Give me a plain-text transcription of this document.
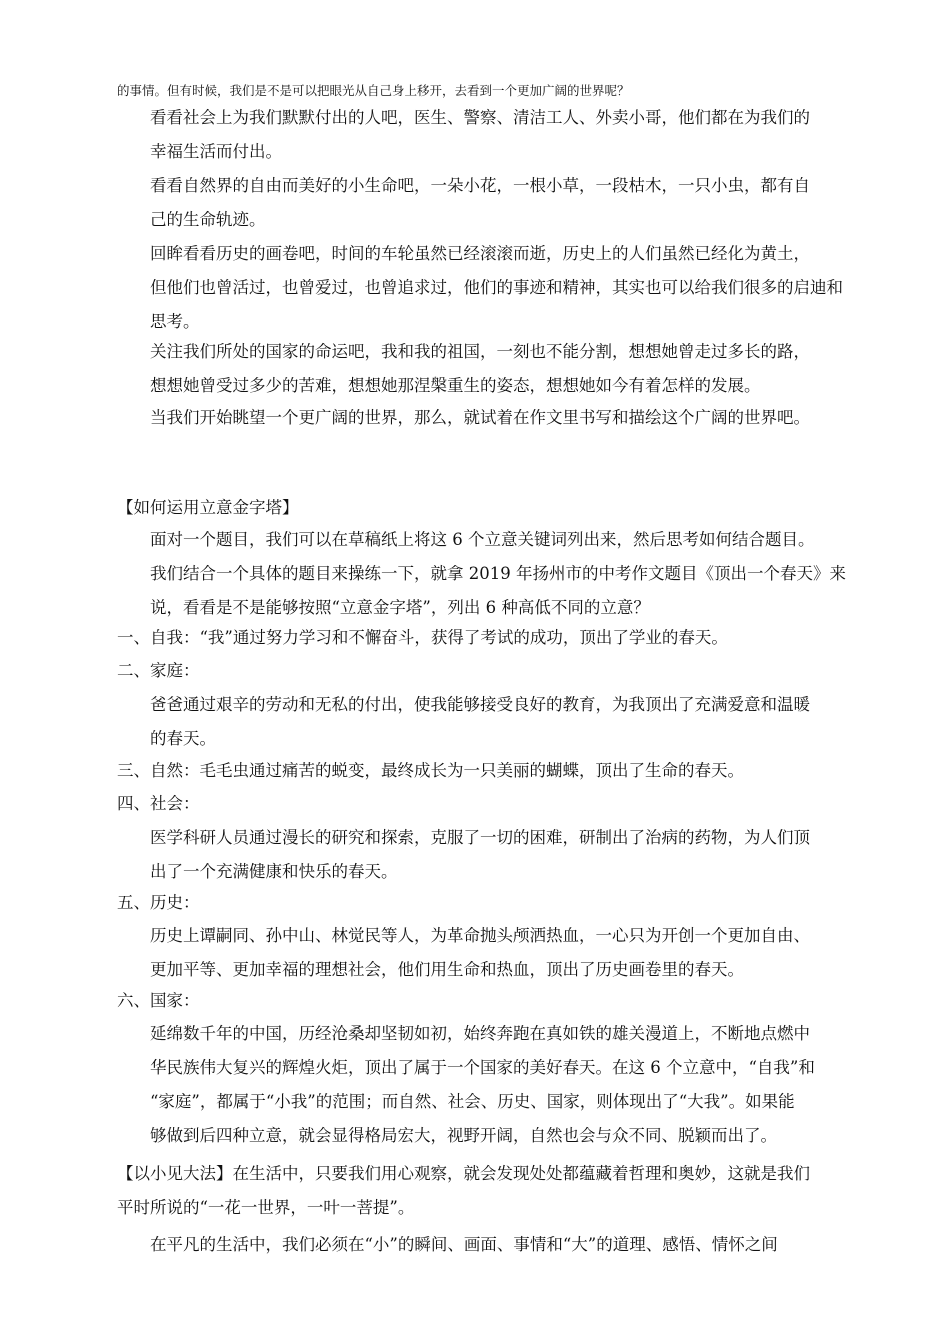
的事情。但有时候，我们是不是可以把眼光从自己身上移开，去看到一个更加广阔的世界呢？

看看社会上为我们默默付出的人吧，医生、警察、清洁工人、外卖小哥，他们都在为我们的
幸福生活而付出。

看看自然界的自由而美好的小生命吧，一朵小花，一根小草，一段枯木，一只小虫，都有自
己的生命轨迹。

回眸看看历史的画卷吧，时间的车轮虽然已经滚滚而逝，历史上的人们虽然已经化为黄土，
但他们也曾活过，也曾爱过，也曾追求过，他们的事迹和精神，其实也可以给我们很多的启迪和
思考。

关注我们所处的国家的命运吧，我和我的祖国，一刻也不能分割，想想她曾走过多长的路，
想想她曾受过多少的苦难，想想她那涅槃重生的姿态，想想她如今有着怎样的发展。

当我们开始眺望一个更广阔的世界，那么，就试着在作文里书写和描绘这个广阔的世界吧。

【如何运用立意金字塔】

面对一个题目，我们可以在草稿纸上将这 6 个立意关键词列出来，然后思考如何结合题目。
我们结合一个具体的题目来操练一下，就拿 2019 年扬州市的中考作文题目《顶出一个春天》来
说，看看是不是能够按照“立意金字塔”，列出 6 种高低不同的立意？

一、自我：“我”通过努力学习和不懈奋斗，获得了考试的成功，顶出了学业的春天。

二、家庭：

爸爸通过艰辛的劳动和无私的付出，使我能够接受良好的教育，为我顶出了充满爱意和温暖
的春天。

三、自然：毛毛虫通过痛苦的蜕变，最终成长为一只美丽的蝴蝶，顶出了生命的春天。

四、社会：

医学科研人员通过漫长的研究和探索，克服了一切的困难，研制出了治病的药物，为人们顶
出了一个充满健康和快乐的春天。

五、历史：

历史上谭嗣同、孙中山、林觉民等人，为革命抛头颅洒热血，一心只为开创一个更加自由、
更加平等、更加幸福的理想社会，他们用生命和热血，顶出了历史画卷里的春天。

六、国家：

延绵数千年的中国，历经沧桑却坚韧如初，始终奔跑在真如铁的雄关漫道上，不断地点燃中
华民族伟大复兴的辉煌火炬，顶出了属于一个国家的美好春天。在这 6 个立意中，“自我”和
“家庭”，都属于“小我”的范围；而自然、社会、历史、国家，则体现出了“大我”。如果能
够做到后四种立意，就会显得格局宏大，视野开阔，自然也会与众不同、脱颖而出了。

【以小见大法】在生活中，只要我们用心观察，就会发现处处都蕴藏着哲理和奥妙，这就是我们
平时所说的“一花一世界，一叶一菩提”。

在平凡的生活中，我们必须在“小”的瞬间、画面、事情和“大”的道理、感悟、情怀之间
